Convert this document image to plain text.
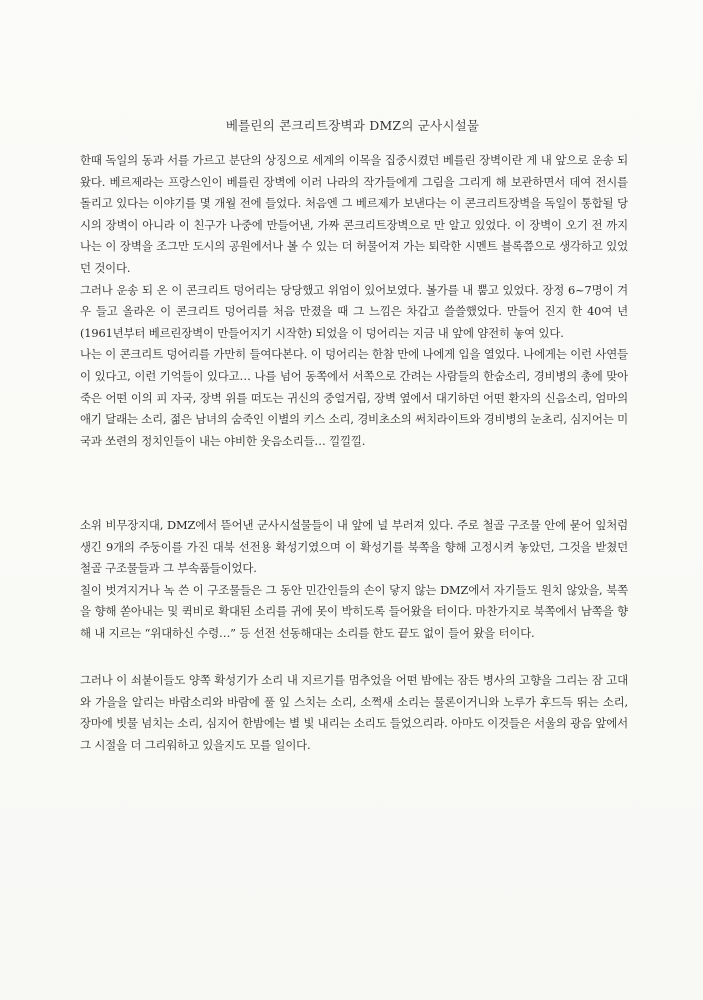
베를린의 콘크리트장벽과 DMZ의 군사시설물

한때 독일의 동과 서를 가르고 분단의 상징으로 세계의 이목을 집중시켰던 베를린 장벽이란 게 내 앞으로 운송 되 왔다. 베르제라는 프랑스인이 베를린 장벽에 이러 나라의 작가들에게 그림을 그리게 해 보관하면서 데여 전시를 돌리고 있다는 이야기를 몇 개월 전에 들었다. 처음엔 그 베르제가 보낸다는 이 콘크리트장벽을 독일이 통합될 당시의 장벽이 아니라 이 친구가 나중에 만들어낸, 가짜 콘크리트장벽으로 만 알고 있었다. 이 장벽이 오기 전 까지 나는 이 장벽을 조그만 도시의 공원에서나 볼 수 있는 더 허물어져 가는 퇴락한 시멘트 블록쯤으로 생각하고 있었던 것이다.

그러나 운송 되 온 이 콘크리트 덩어리는 당당했고 위엄이 있어보였다. 볼가를 내 뿜고 있었다. 장정 6~7명이 겨우 들고 올라온 이 콘크리트 덩어리를 처음 만졌을 때 그 느낌은 차갑고 쓸쓸했었다. 만들어 진지 한 40여 년(1961년부터 베르린장벽이 만들어지기 시작한) 되었을 이 덩어리는 지금 내 앞에 얌전히 놓여 있다.

나는 이 콘크리트 덩어리를 가만히 들여다본다. 이 덩어리는 한참 만에 나에게 입을 열었다. 나에게는 이런 사연들이 있다고, 이런 기억들이 있다고… 나를 넘어 동쪽에서 서쪽으로 간려는 사람들의 한숨소리, 경비병의 총에 맞아 죽은 어떤 이의 피 자국, 장벽 위를 떠도는 귀신의 중얼거림, 장벽 옆에서 대기하던 어떤 환자의 신음소리, 엄마의 애기 달래는 소리, 젊은 남녀의 숨죽인 이별의 키스 소리, 경비초소의 써치라이트와 경비병의 눈초리, 심지어는 미국과 쏘련의 정치인들이 내는 야비한 웃음소리들… 낄낄낄.

소위 비무장지대, DMZ에서 뜯어낸 군사시설물들이 내 앞에 널 부러져 있다. 주로 철골 구조물 안에 묻어 잎처럼 생긴 9개의 주둥이를 가진 대북 선전용 확성기였으며 이 확성기를 북쪽을 향해 고정시켜 놓았던, 그것을 받쳤던 철골 구조물들과 그 부속품들이었다.

칠이 벗겨지거나 녹 쓴 이 구조물들은 그 동안 민간인들의 손이 닿지 않는 DMZ에서 자기들도 원치 않았을, 북쪽을 향해 쏟아내는 및 퀵비로 확대된 소리를 귀에 못이 박히도록 들어왔을 터이다. 마찬가지로 북쪽에서 남쪽을 향해 내 지르는 “위대하신 수령…” 등 선전 선동해대는 소리를 한도 끝도 없이 들어 왔을 터이다.

그러나 이 쇠붙이들도 양쪽 확성기가 소리 내 지르기를 멈추었을 어떤 밤에는 잠든 병사의 고향을 그리는 잠 고대와 가을을 알리는 바람소리와 바람에 풀 잎 스치는 소리, 소쩍새 소리는 물론이거니와 노루가 후드득 뛰는 소리, 장마에 빗물 넘치는 소리, 심지어 한밤에는 별 빛 내리는 소리도 들었으리라. 아마도 이것들은 서울의 광음 앞에서 그 시절을 더 그리워하고 있을지도 모를 일이다.
